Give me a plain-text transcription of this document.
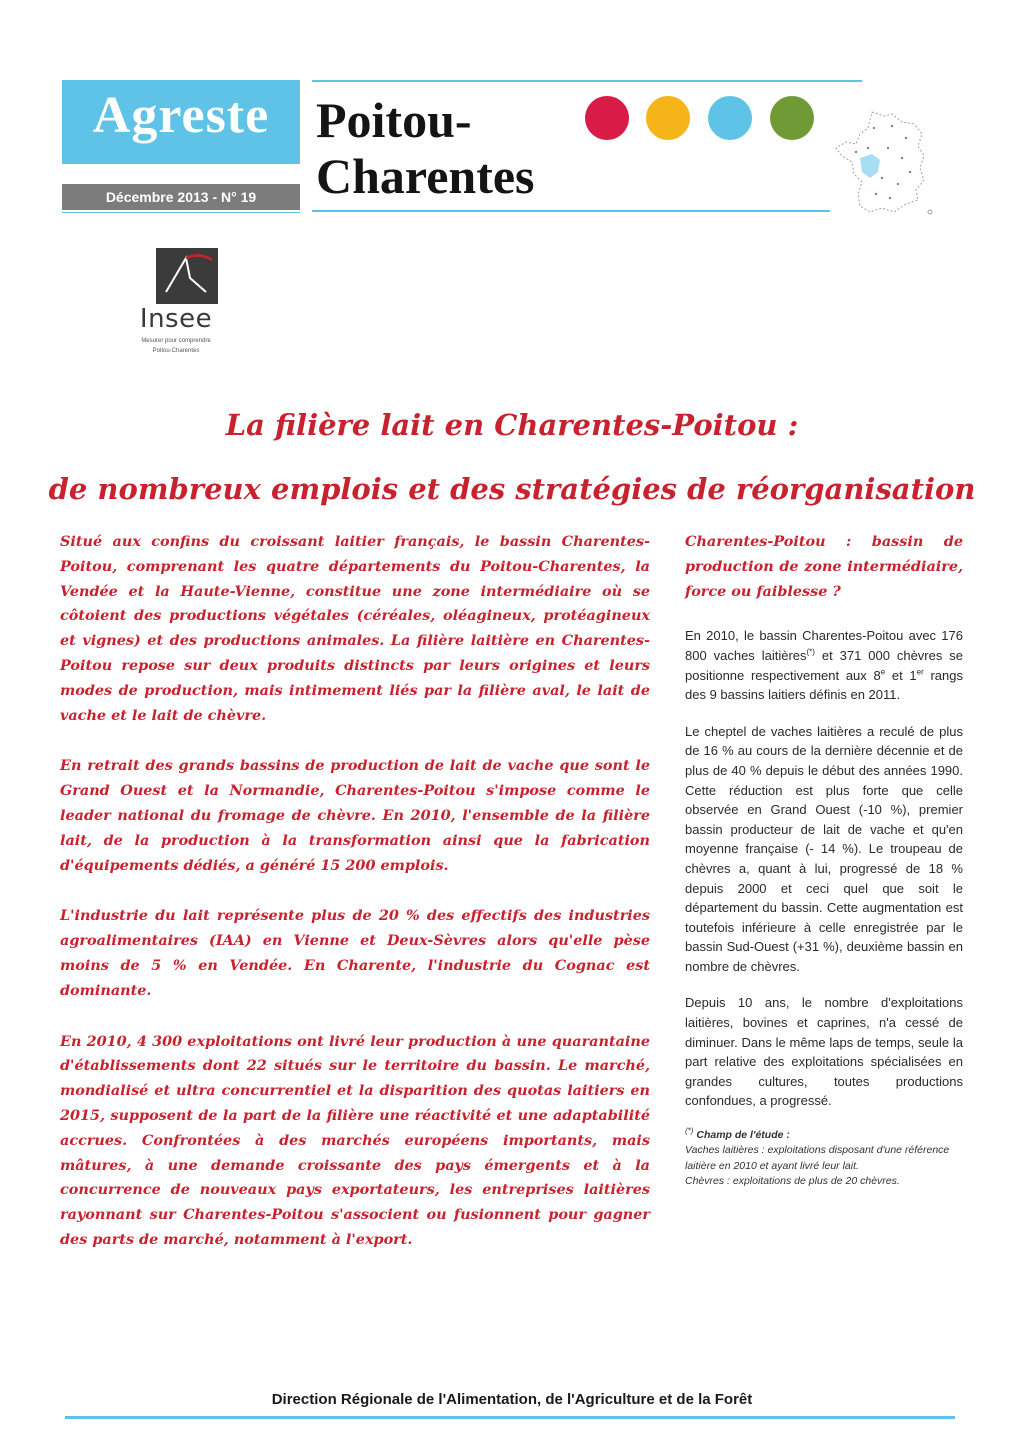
Agreste
Décembre 2013 - N° 19
Poitou-
Charentes
Insee
Mesurer pour comprendre
Poitou-Charentes
La filière lait en Charentes-Poitou :
de nombreux emplois et des stratégies de réorganisation

Situé aux confins du croissant laitier français, le bassin Charentes-Poitou, comprenant les quatre départements du Poitou-Charentes, la Vendée et la Haute-Vienne, constitue une zone intermédiaire où se côtoient des productions végétales (céréales, oléagineux, protéagineux et vignes) et des productions animales. La filière laitière en Charentes-Poitou repose sur deux produits distincts par leurs origines et leurs modes de production, mais intimement liés par la filière aval, le lait de vache et le lait de chèvre.

En retrait des grands bassins de production de lait de vache que sont le Grand Ouest et la Normandie, Charentes-Poitou s'impose comme le leader national du fromage de chèvre. En 2010, l'ensemble de la filière lait, de la production à la transformation ainsi que la fabrication d'équipements dédiés, a généré 15 200 emplois.

L'industrie du lait représente plus de 20 % des effectifs des industries agroalimentaires (IAA) en Vienne et Deux-Sèvres alors qu'elle pèse moins de 5 % en Vendée. En Charente, l'industrie du Cognac est dominante.

En 2010, 4 300 exploitations ont livré leur production à une quarantaine d'établissements dont 22 situés sur le territoire du bassin. Le marché, mondialisé et ultra concurrentiel et la disparition des quotas laitiers en 2015, supposent de la part de la filière une réactivité et une adaptabilité accrues. Confrontées à des marchés européens importants, mais mâtures, à une demande croissante des pays émergents et à la concurrence de nouveaux pays exportateurs, les entreprises laitières rayonnant sur Charentes-Poitou s'associent ou fusionnent pour gagner des parts de marché, notamment à l'export.

Charentes-Poitou : bassin de production de zone intermédiaire, force ou faiblesse ?

En 2010, le bassin Charentes-Poitou avec 176 800 vaches laitières(*) et 371 000 chèvres se positionne respectivement aux 8e et 1er rangs des 9 bassins laitiers définis en 2011.

Le cheptel de vaches laitières a reculé de plus de 16 % au cours de la dernière décennie et de plus de 40 % depuis le début des années 1990. Cette réduction est plus forte que celle observée en Grand Ouest (-10 %), premier bassin producteur de lait de vache et qu'en moyenne française (- 14 %). Le troupeau de chèvres a, quant à lui, progressé de 18 % depuis 2000 et ceci quel que soit le département du bassin. Cette augmentation est toutefois inférieure à celle enregistrée par le bassin Sud-Ouest (+31 %), deuxième bassin en nombre de chèvres.

Depuis 10 ans, le nombre d'exploitations laitières, bovines et caprines, n'a cessé de diminuer. Dans le même laps de temps, seule la part relative des exploitations spécialisées en grandes cultures, toutes productions confondues, a progressé.

(*) Champ de l'étude :
Vaches laitières : exploitations disposant d'une référence laitière en 2010 et ayant livré leur lait.
Chèvres : exploitations de plus de 20 chèvres.
Direction Régionale de l'Alimentation, de l'Agriculture et de la Forêt
